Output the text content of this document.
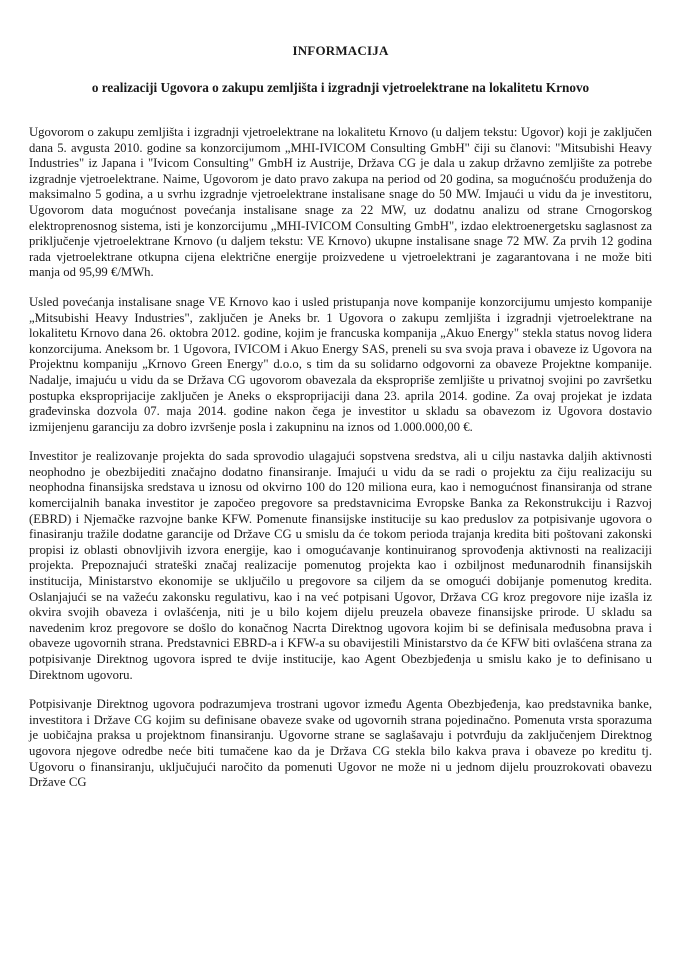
INFORMACIJA
o realizaciji Ugovora o zakupu zemljišta i izgradnji vjetroelektrane na lokalitetu Krnovo

Ugovorom o zakupu zemljišta i izgradnji vjetroelektrane na lokalitetu Krnovo (u daljem tekstu: Ugovor) koji je zaključen dana 5. avgusta 2010. godine sa konzorcijumom „MHI-IVICOM Consulting GmbH" čiji su članovi: "Mitsubishi Heavy Industries" iz Japana i "Ivicom Consulting" GmbH iz Austrije, Država CG je dala u zakup državno zemljište za potrebe izgradnje vjetroelektrane. Naime, Ugovorom je dato pravo zakupa na period od 20 godina, sa mogućnošću produženja do maksimalno 5 godina, a u svrhu izgradnje vjetroelektrane instalisane snage do 50 MW. Imjaući u vidu da je investitoru, Ugovorom data mogućnost povećanja instalisane snage za 22 MW, uz dodatnu analizu od strane Crnogorskog elektroprenosnog sistema, isti je konzorcijumu „MHI-IVICOM Consulting GmbH", izdao elektroenergetsku saglasnost za priključenje vjetroelektrane Krnovo (u daljem tekstu: VE Krnovo) ukupne instalisane snage 72 MW. Za prvih 12 godina rada vjetroelektrane otkupna cijena električne energije proizvedene u vjetroelektrani je zagarantovana i ne može biti manja od 95,99 €/MWh.

Usled povećanja instalisane snage VE Krnovo kao i usled pristupanja nove kompanije konzorcijumu umjesto kompanije „Mitsubishi Heavy Industries", zaključen je Aneks br. 1 Ugovora o zakupu zemljišta i izgradnji vjetroelektrane na lokalitetu Krnovo dana 26. oktobra 2012. godine, kojim je francuska kompanija „Akuo Energy" stekla status novog lidera konzorcijuma. Aneksom br. 1 Ugovora, IVICOM i Akuo Energy SAS, preneli su sva svoja prava i obaveze iz Ugovora na Projektnu kompaniju „Krnovo Green Energy" d.o.o, s tim da su solidarno odgovorni za obaveze Projektne kompanije. Nadalje, imajuću u vidu da se Država CG ugovorom obavezala da ekspropriše zemljište u privatnoj svojini po završetku postupka eksproprijacije zaključen je Aneks o eksproprijaciji dana 23. aprila 2014. godine. Za ovaj projekat je izdata građevinska dozvola 07. maja 2014. godine nakon čega je investitor u skladu sa obavezom iz Ugovora dostavio izmijenjenu garanciju za dobro izvršenje posla i zakupninu na iznos od 1.000.000,00 €.

Investitor je realizovanje projekta do sada sprovodio ulagajući sopstvena sredstva, ali u cilju nastavka daljih aktivnosti neophodno je obezbijediti značajno dodatno finansiranje. Imajući u vidu da se radi o projektu za čiju realizaciju su neophodna finansijska sredstava u iznosu od okvirno 100 do 120 miliona eura, kao i nemogućnost finansiranja od strane komercijalnih banaka investitor je započeo pregovore sa predstavnicima Evropske Banka za Rekonstrukciju i Razvoj (EBRD) i Njemačke razvojne banke KFW. Pomenute finansijske institucije su kao preduslov za potpisivanje ugovora o finasiranju tražile dodatne garancije od Države CG u smislu da će tokom perioda trajanja kredita biti poštovani zakonski propisi iz oblasti obnovljivih izvora energije, kao i omogućavanje kontinuiranog sprovođenja aktivnosti na realizaciji projekta. Prepoznajući strateški značaj realizacije pomenutog projekta kao i ozbiljnost međunarodnih finansijskih institucija, Ministarstvo ekonomije se uključilo u pregovore sa ciljem da se omogući dobijanje pomenutog kredita. Oslanjajući se na važeću zakonsku regulativu, kao i na već potpisani Ugovor, Država CG kroz pregovore nije izašla iz okvira svojih obaveza i ovlašćenja, niti je u bilo kojem dijelu preuzela obaveze finansijske prirode. U skladu sa navedenim kroz pregovore se došlo do konačnog Nacrta Direktnog ugovora kojim bi se definisala međusobna prava i obaveze ugovornih strana. Predstavnici EBRD-a i KFW-a su obavijestili Ministarstvo da će KFW biti ovlašćena strana za potpisivanje Direktnog ugovora ispred te dvije institucije, kao Agent Obezbjeđenja u smislu kako je to definisano u Direktnom ugovoru.

Potpisivanje Direktnog ugovora podrazumjeva trostrani ugovor između Agenta Obezbjeđenja, kao predstavnika banke, investitora i Države CG kojim su definisane obaveze svake od ugovornih strana pojedinačno. Pomenuta vrsta sporazuma je uobičajna praksa u projektnom finansiranju. Ugovorne strane se saglašavaju i potvrđuju da zaključenjem Direktnog ugovora njegove odredbe neće biti tumačene kao da je Država CG stekla bilo kakva prava i obaveze po kreditu tj. Ugovoru o finansiranju, uključujući naročito da pomenuti Ugovor ne može ni u jednom dijelu prouzrokovati obavezu Države CG
